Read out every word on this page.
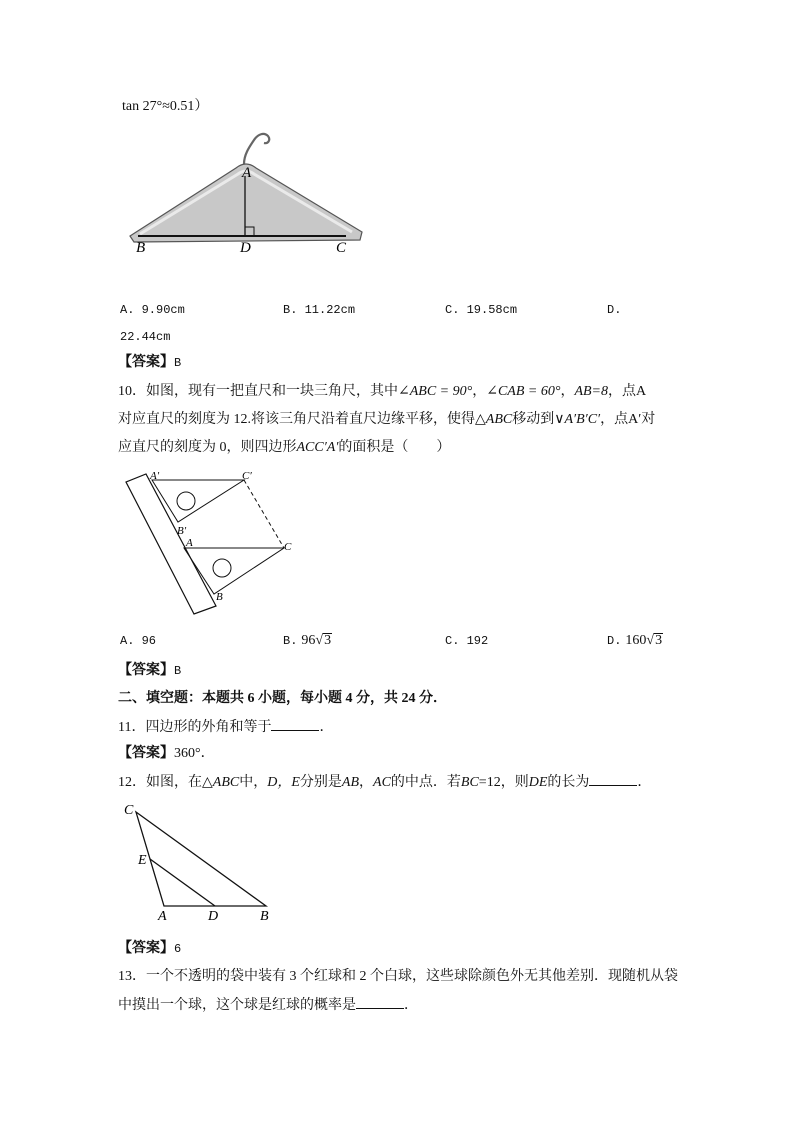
tan 27°≈0.51）
A
B	D	C
A. 9.90cm	B. 11.22cm	C. 19.58cm	D.
22.44cm
【答案】B
10．如图，现有一把直尺和一块三角尺，其中∠ABC = 90°，∠CAB = 60°，AB=8，点A
对应直尺的刻度为 12.将该三角尺沿着直尺边缘平移，使得△ABC移动到∨A′B′C′，点A′对
应直尺的刻度为 0，则四边形ACC′A′的面积是（　　）
A′	C′
B′
A	C
B
A. 96	B. 96√3	C. 192	D. 160√3
【答案】B
二、填空题：本题共 6 小题，每小题 4 分，共 24 分．
11．四边形的外角和等于	．
【答案】360°．
12．如图，在△ABC中，D，E分别是AB，AC的中点．若BC=12，则DE的长为	．
C
E
A	D	B
【答案】6
13．一个不透明的袋中装有 3 个红球和 2 个白球，这些球除颜色外无其他差别．现随机从袋
中摸出一个球，这个球是红球的概率是	．
